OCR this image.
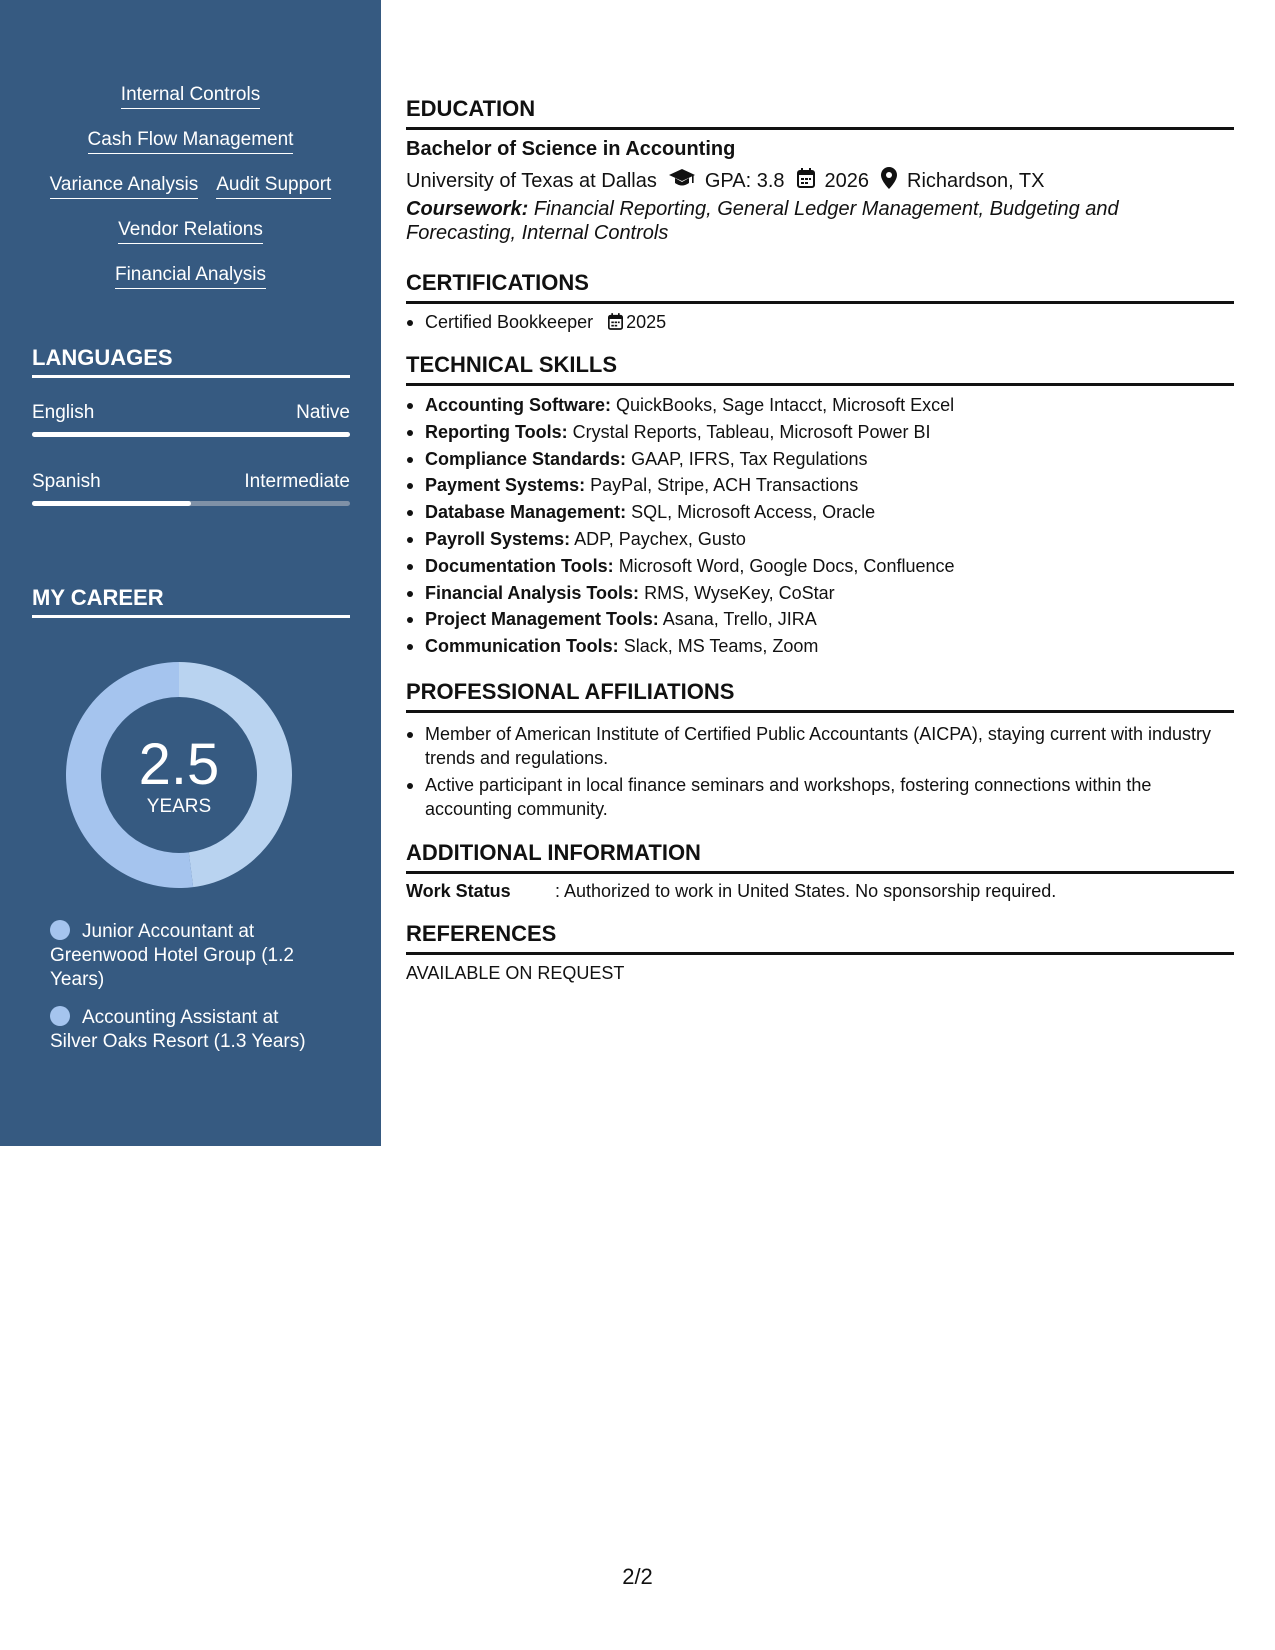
Internal Controls
Cash Flow Management
Variance Analysis Audit Support
Vendor Relations
Financial Analysis
LANGUAGES
English	Native
Spanish	Intermediate
MY CAREER
2.5
YEARS
Junior Accountant at Greenwood Hotel Group (1.2 Years)
Accounting Assistant at Silver Oaks Resort (1.3 Years)
EDUCATION
Bachelor of Science in Accounting
University of Texas at Dallas GPA: 3.8 2026 Richardson, TX
Coursework: Financial Reporting, General Ledger Management, Budgeting and Forecasting, Internal Controls
CERTIFICATIONS
Certified Bookkeeper 2025
TECHNICAL SKILLS
Accounting Software: QuickBooks, Sage Intacct, Microsoft Excel
Reporting Tools: Crystal Reports, Tableau, Microsoft Power BI
Compliance Standards: GAAP, IFRS, Tax Regulations
Payment Systems: PayPal, Stripe, ACH Transactions
Database Management: SQL, Microsoft Access, Oracle
Payroll Systems: ADP, Paychex, Gusto
Documentation Tools: Microsoft Word, Google Docs, Confluence
Financial Analysis Tools: RMS, WyseKey, CoStar
Project Management Tools: Asana, Trello, JIRA
Communication Tools: Slack, MS Teams, Zoom
PROFESSIONAL AFFILIATIONS
Member of American Institute of Certified Public Accountants (AICPA), staying current with industry trends and regulations.
Active participant in local finance seminars and workshops, fostering connections within the accounting community.
ADDITIONAL INFORMATION
Work Status	: Authorized to work in United States. No sponsorship required.
REFERENCES
AVAILABLE ON REQUEST
2/2
